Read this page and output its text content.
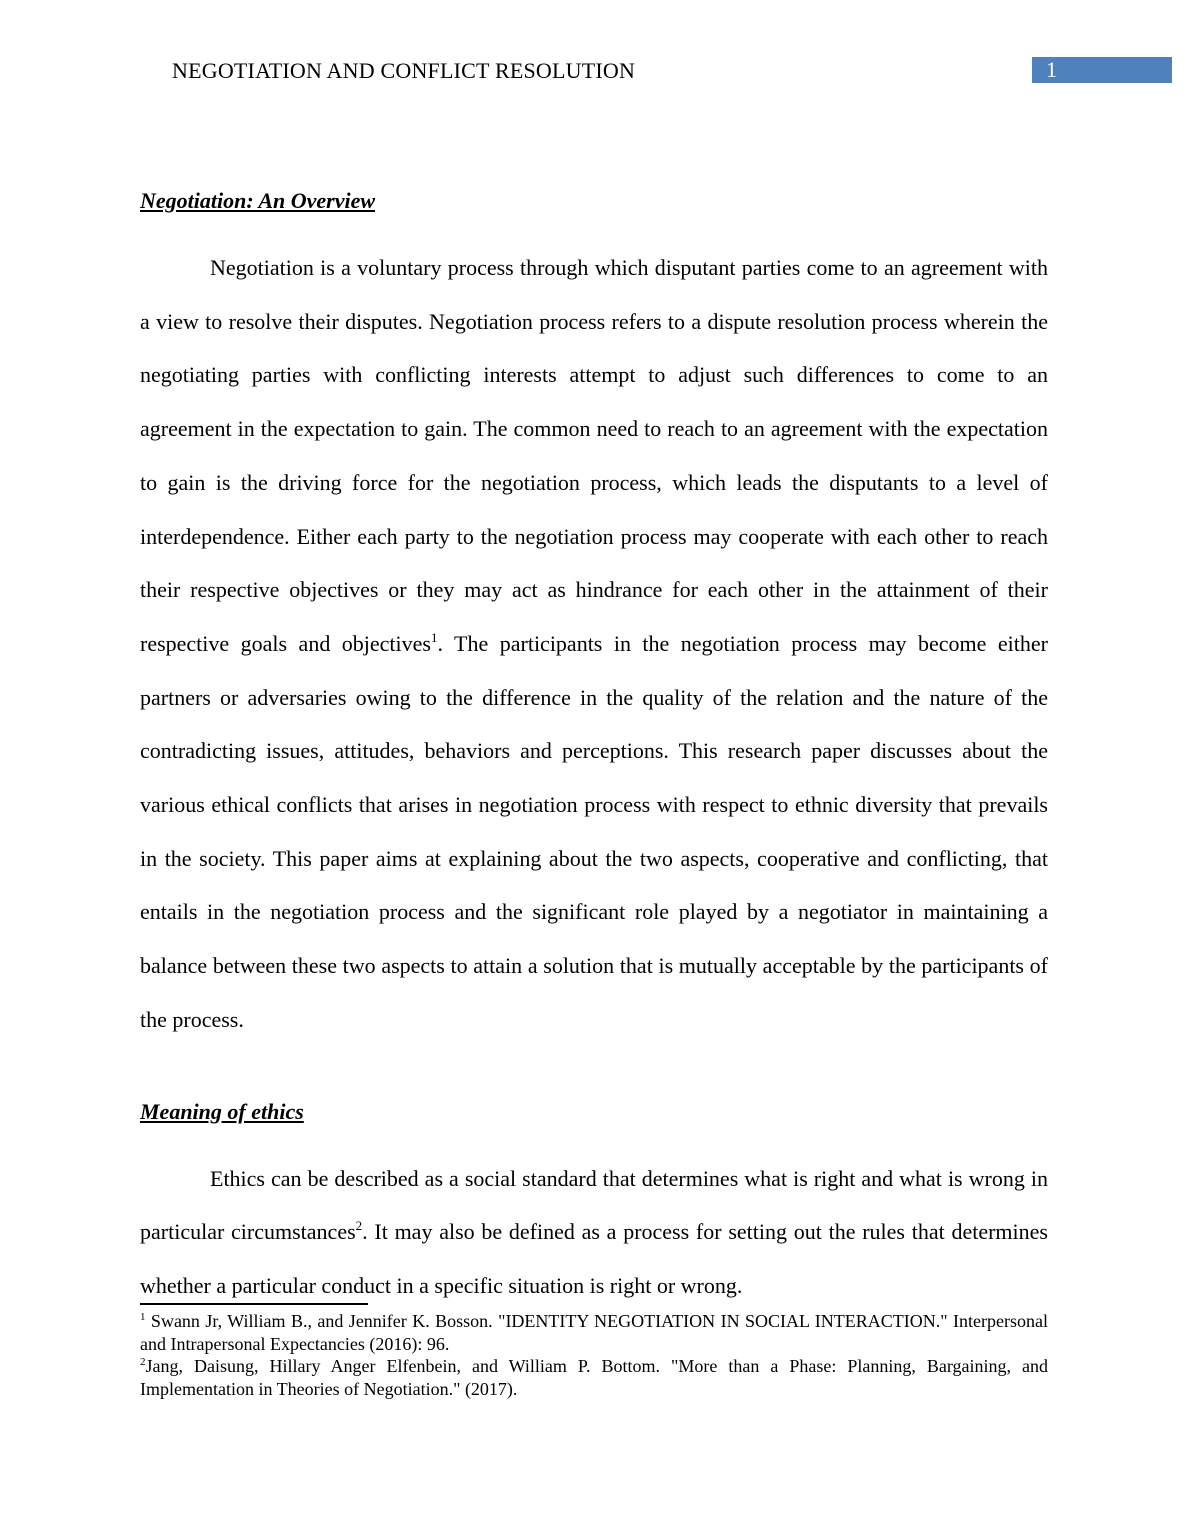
NEGOTIATION AND CONFLICT RESOLUTION	1
Negotiation: An Overview

Negotiation is a voluntary process through which disputant parties come to an agreement with a view to resolve their disputes. Negotiation process refers to a dispute resolution process wherein the negotiating parties with conflicting interests attempt to adjust such differences to come to an agreement in the expectation to gain. The common need to reach to an agreement with the expectation to gain is the driving force for the negotiation process, which leads the disputants to a level of interdependence. Either each party to the negotiation process may cooperate with each other to reach their respective objectives or they may act as hindrance for each other in the attainment of their respective goals and objectives$^1$. The participants in the negotiation process may become either partners or adversaries owing to the difference in the quality of the relation and the nature of the contradicting issues, attitudes, behaviors and perceptions. This research paper discusses about the various ethical conflicts that arises in negotiation process with respect to ethnic diversity that prevails in the society. This paper aims at explaining about the two aspects, cooperative and conflicting, that entails in the negotiation process and the significant role played by a negotiator in maintaining a balance between these two aspects to attain a solution that is mutually acceptable by the participants of the process.

Meaning of ethics

Ethics can be described as a social standard that determines what is right and what is wrong in particular circumstances$^2$. It may also be defined as a process for setting out the rules that determines whether a particular conduct in a specific situation is right or wrong.

$^1$ Swann Jr, William B., and Jennifer K. Bosson. "IDENTITY NEGOTIATION IN SOCIAL INTERACTION." Interpersonal and Intrapersonal Expectancies (2016): 96.

$^2$Jang, Daisung, Hillary Anger Elfenbein, and William P. Bottom. "More than a Phase: Planning, Bargaining, and Implementation in Theories of Negotiation." (2017).
